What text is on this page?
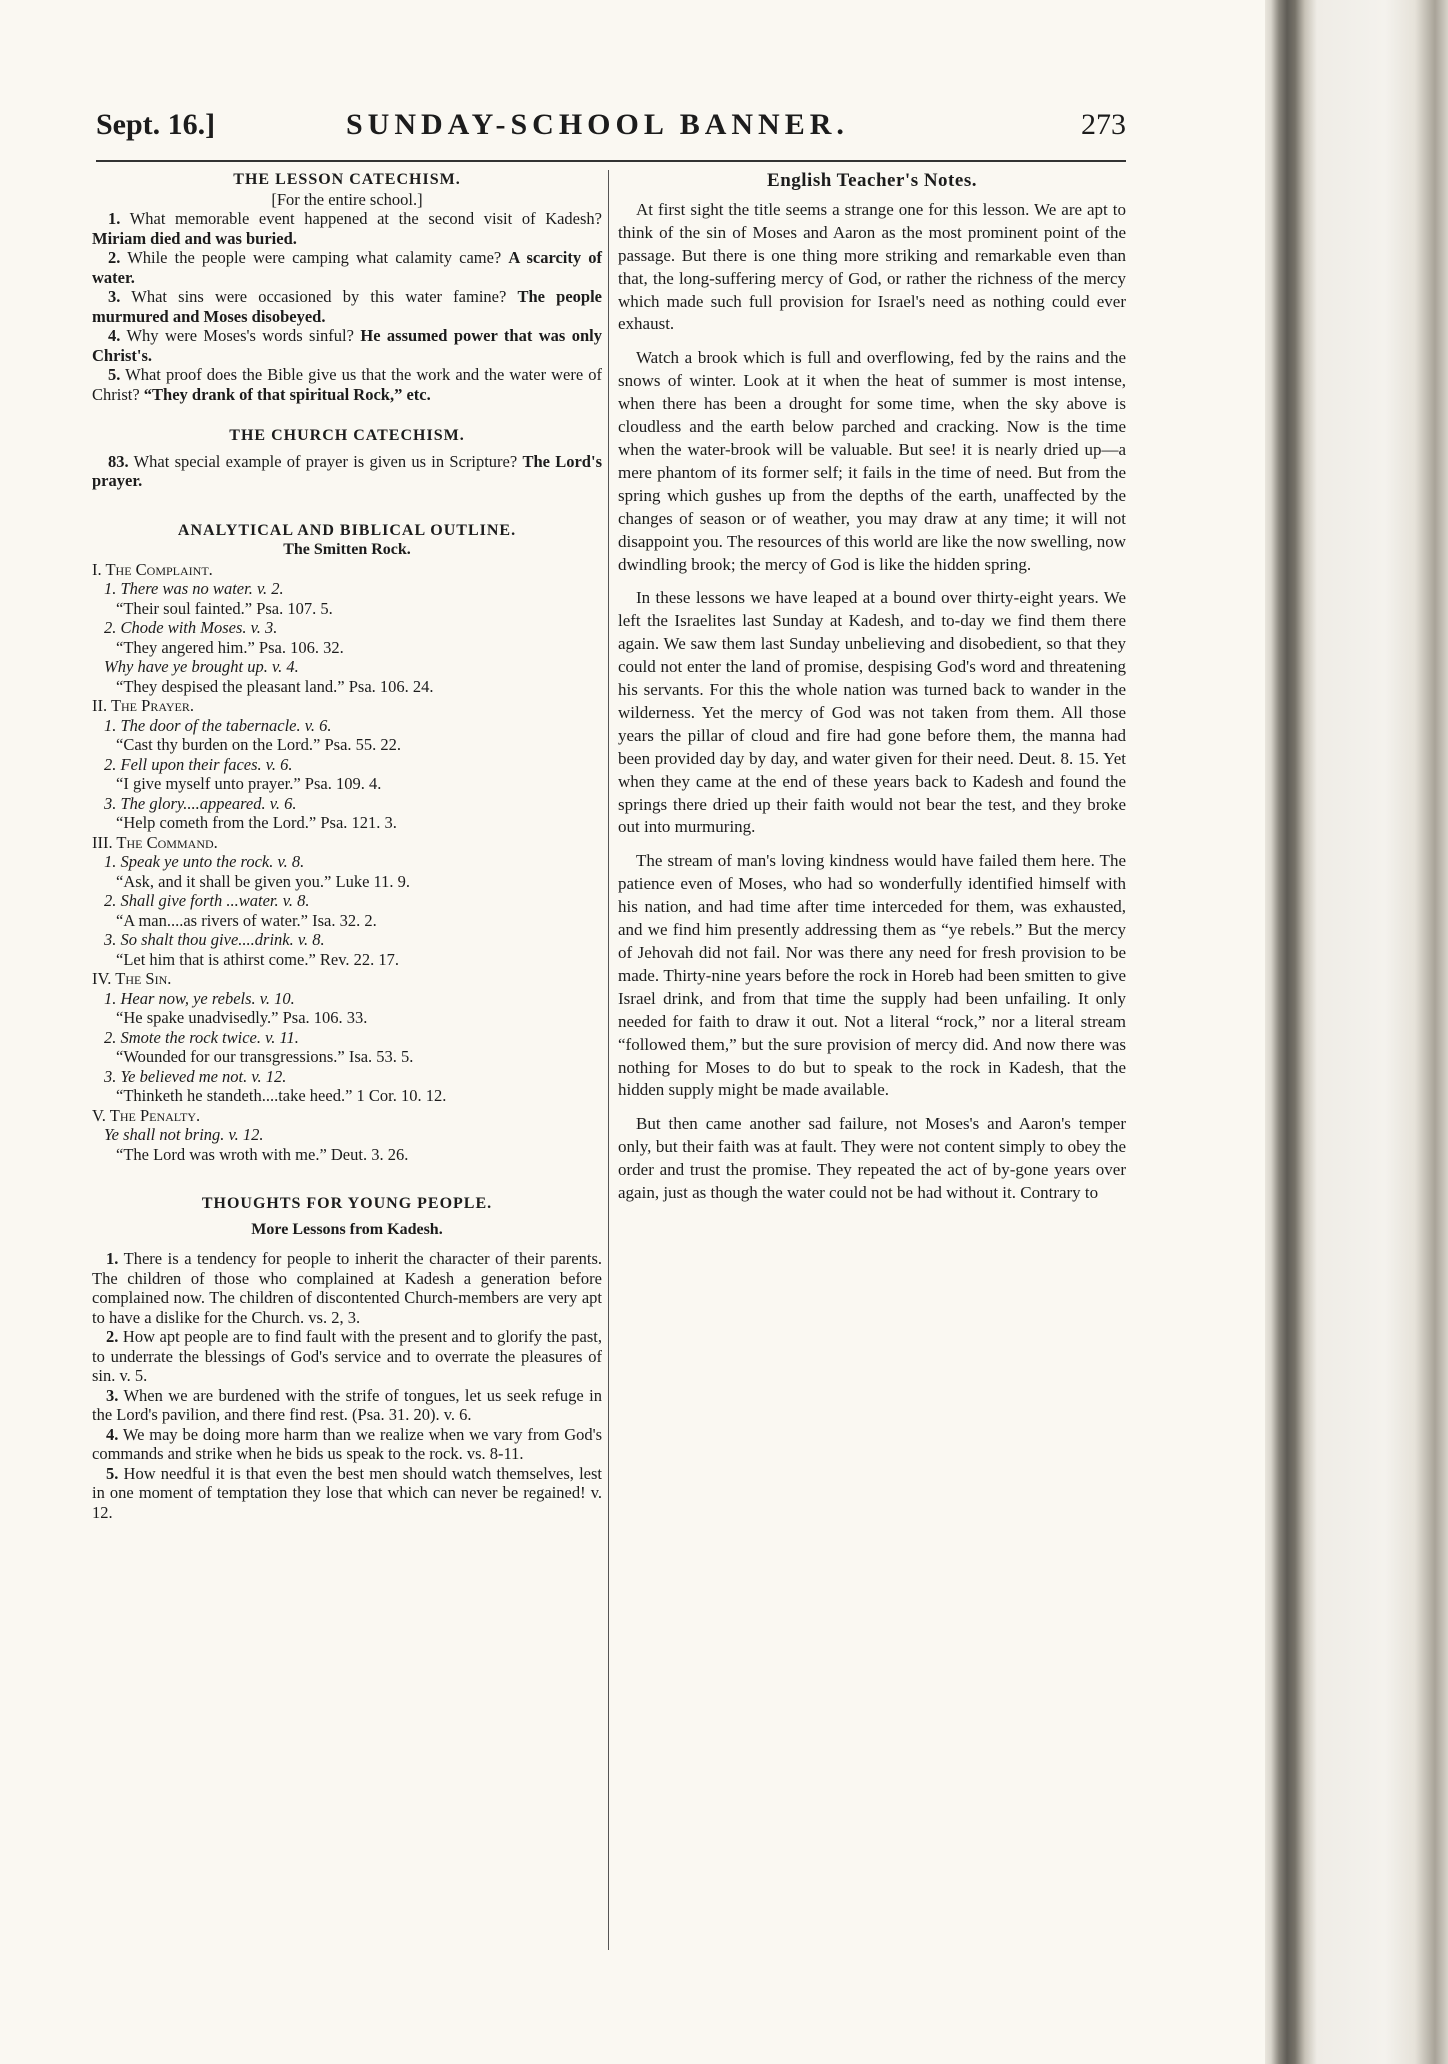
Sept. 16.]	SUNDAY-SCHOOL BANNER.	273
THE LESSON CATECHISM.
[For the entire school.]

1. What memorable event happened at the second visit of Kadesh? Miriam died and was buried.

2. While the people were camping what calamity came? A scarcity of water.

3. What sins were occasioned by this water famine? The people murmured and Moses disobeyed.

4. Why were Moses's words sinful? He assumed power that was only Christ's.

5. What proof does the Bible give us that the work and the water were of Christ? “They drank of that spiritual Rock,” etc.

THE CHURCH CATECHISM.

83. What special example of prayer is given us in Scripture? The Lord's prayer.

ANALYTICAL AND BIBLICAL OUTLINE.
The Smitten Rock.

I. The Complaint.

1. There was no water. v. 2.

“Their soul fainted.” Psa. 107. 5.

2. Chode with Moses. v. 3.

“They angered him.” Psa. 106. 32.

Why have ye brought up. v. 4.

“They despised the pleasant land.” Psa. 106. 24.

II. The Prayer.

1. The door of the tabernacle. v. 6.

“Cast thy burden on the Lord.” Psa. 55. 22.

2. Fell upon their faces. v. 6.

“I give myself unto prayer.” Psa. 109. 4.

3. The glory....appeared. v. 6.

“Help cometh from the Lord.” Psa. 121. 3.

III. The Command.

1. Speak ye unto the rock. v. 8.

“Ask, and it shall be given you.” Luke 11. 9.

2. Shall give forth ...water. v. 8.

“A man....as rivers of water.” Isa. 32. 2.

3. So shalt thou give....drink. v. 8.

“Let him that is athirst come.” Rev. 22. 17.

IV. The Sin.

1. Hear now, ye rebels. v. 10.

“He spake unadvisedly.” Psa. 106. 33.

2. Smote the rock twice. v. 11.

“Wounded for our transgressions.” Isa. 53. 5.

3. Ye believed me not. v. 12.

“Thinketh he standeth....take heed.” 1 Cor. 10. 12.

V. The Penalty.

Ye shall not bring. v. 12.

“The Lord was wroth with me.” Deut. 3. 26.

THOUGHTS FOR YOUNG PEOPLE.
More Lessons from Kadesh.

1. There is a tendency for people to inherit the character of their parents. The children of those who complained at Kadesh a generation before complained now. The children of discontented Church-members are very apt to have a dislike for the Church. vs. 2, 3.

2. How apt people are to find fault with the present and to glorify the past, to underrate the blessings of God's service and to overrate the pleasures of sin. v. 5.

3. When we are burdened with the strife of tongues, let us seek refuge in the Lord's pavilion, and there find rest. (Psa. 31. 20). v. 6.

4. We may be doing more harm than we realize when we vary from God's commands and strike when he bids us speak to the rock. vs. 8-11.

5. How needful it is that even the best men should watch themselves, lest in one moment of temptation they lose that which can never be regained! v. 12.

English Teacher's Notes.

At first sight the title seems a strange one for this lesson. We are apt to think of the sin of Moses and Aaron as the most prominent point of the passage. But there is one thing more striking and remarkable even than that, the long-suffering mercy of God, or rather the richness of the mercy which made such full provision for Israel's need as nothing could ever exhaust.

Watch a brook which is full and overflowing, fed by the rains and the snows of winter. Look at it when the heat of summer is most intense, when there has been a drought for some time, when the sky above is cloudless and the earth below parched and cracking. Now is the time when the water-brook will be valuable. But see! it is nearly dried up—a mere phantom of its former self; it fails in the time of need. But from the spring which gushes up from the depths of the earth, unaffected by the changes of season or of weather, you may draw at any time; it will not disappoint you. The resources of this world are like the now swelling, now dwindling brook; the mercy of God is like the hidden spring.

In these lessons we have leaped at a bound over thirty-eight years. We left the Israelites last Sunday at Kadesh, and to-day we find them there again. We saw them last Sunday unbelieving and disobedient, so that they could not enter the land of promise, despising God's word and threatening his servants. For this the whole nation was turned back to wander in the wilderness. Yet the mercy of God was not taken from them. All those years the pillar of cloud and fire had gone before them, the manna had been provided day by day, and water given for their need. Deut. 8. 15. Yet when they came at the end of these years back to Kadesh and found the springs there dried up their faith would not bear the test, and they broke out into murmuring.

The stream of man's loving kindness would have failed them here. The patience even of Moses, who had so wonderfully identified himself with his nation, and had time after time interceded for them, was exhausted, and we find him presently addressing them as “ye rebels.” But the mercy of Jehovah did not fail. Nor was there any need for fresh provision to be made. Thirty-nine years before the rock in Horeb had been smitten to give Israel drink, and from that time the supply had been unfailing. It only needed for faith to draw it out. Not a literal “rock,” nor a literal stream “followed them,” but the sure provision of mercy did. And now there was nothing for Moses to do but to speak to the rock in Kadesh, that the hidden supply might be made available.

But then came another sad failure, not Moses's and Aaron's temper only, but their faith was at fault. They were not content simply to obey the order and trust the promise. They repeated the act of by-gone years over again, just as though the water could not be had without it. Contrary to
